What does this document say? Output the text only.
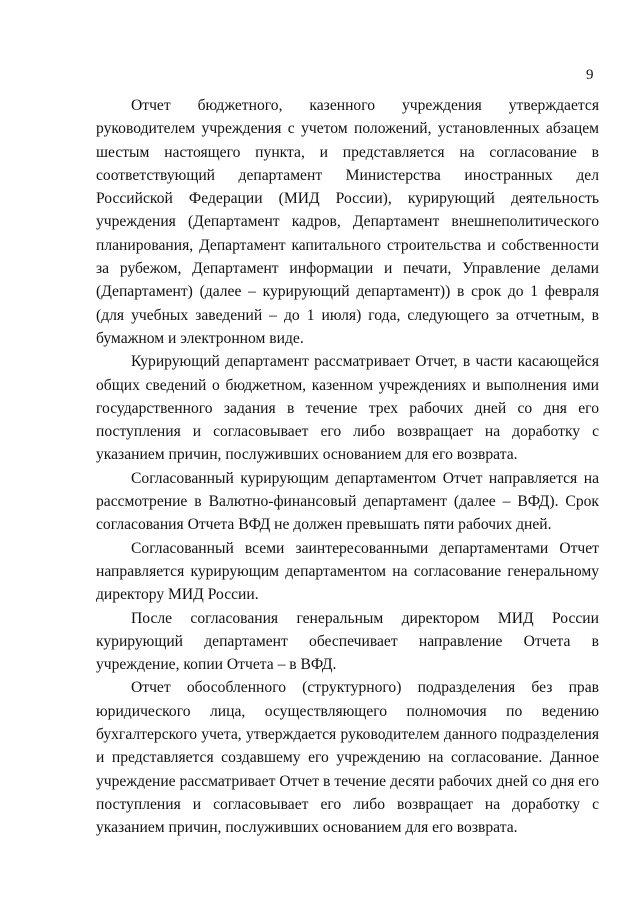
9

Отчет бюджетного, казенного учреждения утверждается руководителем учреждения с учетом положений, установленных абзацем шестым настоящего пункта, и представляется на согласование в соответствующий департамент Министерства иностранных дел Российской Федерации (МИД России), курирующий деятельность учреждения (Департамент кадров, Департамент внешнеполитического планирования, Департамент капитального строительства и собственности за рубежом, Департамент информации и печати, Управление делами (Департамент) (далее – курирующий департамент)) в срок до 1 февраля (для учебных заведений – до 1 июля) года, следующего за отчетным, в бумажном и электронном виде.

Курирующий департамент рассматривает Отчет, в части касающейся общих сведений о бюджетном, казенном учреждениях и выполнения ими государственного задания в течение трех рабочих дней со дня его поступления и согласовывает его либо возвращает на доработку с указанием причин, послуживших основанием для его возврата.

Согласованный курирующим департаментом Отчет направляется на рассмотрение в Валютно-финансовый департамент (далее – ВФД). Срок согласования Отчета ВФД не должен превышать пяти рабочих дней.

Согласованный всеми заинтересованными департаментами Отчет направляется курирующим департаментом на согласование генеральному директору МИД России.

После согласования генеральным директором МИД России курирующий департамент обеспечивает направление Отчета в учреждение, копии Отчета – в ВФД.

Отчет обособленного (структурного) подразделения без прав юридического лица, осуществляющего полномочия по ведению бухгалтерского учета, утверждается руководителем данного подразделения и представляется создавшему его учреждению на согласование. Данное учреждение рассматривает Отчет в течение десяти рабочих дней со дня его поступления и согласовывает его либо возвращает на доработку с указанием причин, послуживших основанием для его возврата.
